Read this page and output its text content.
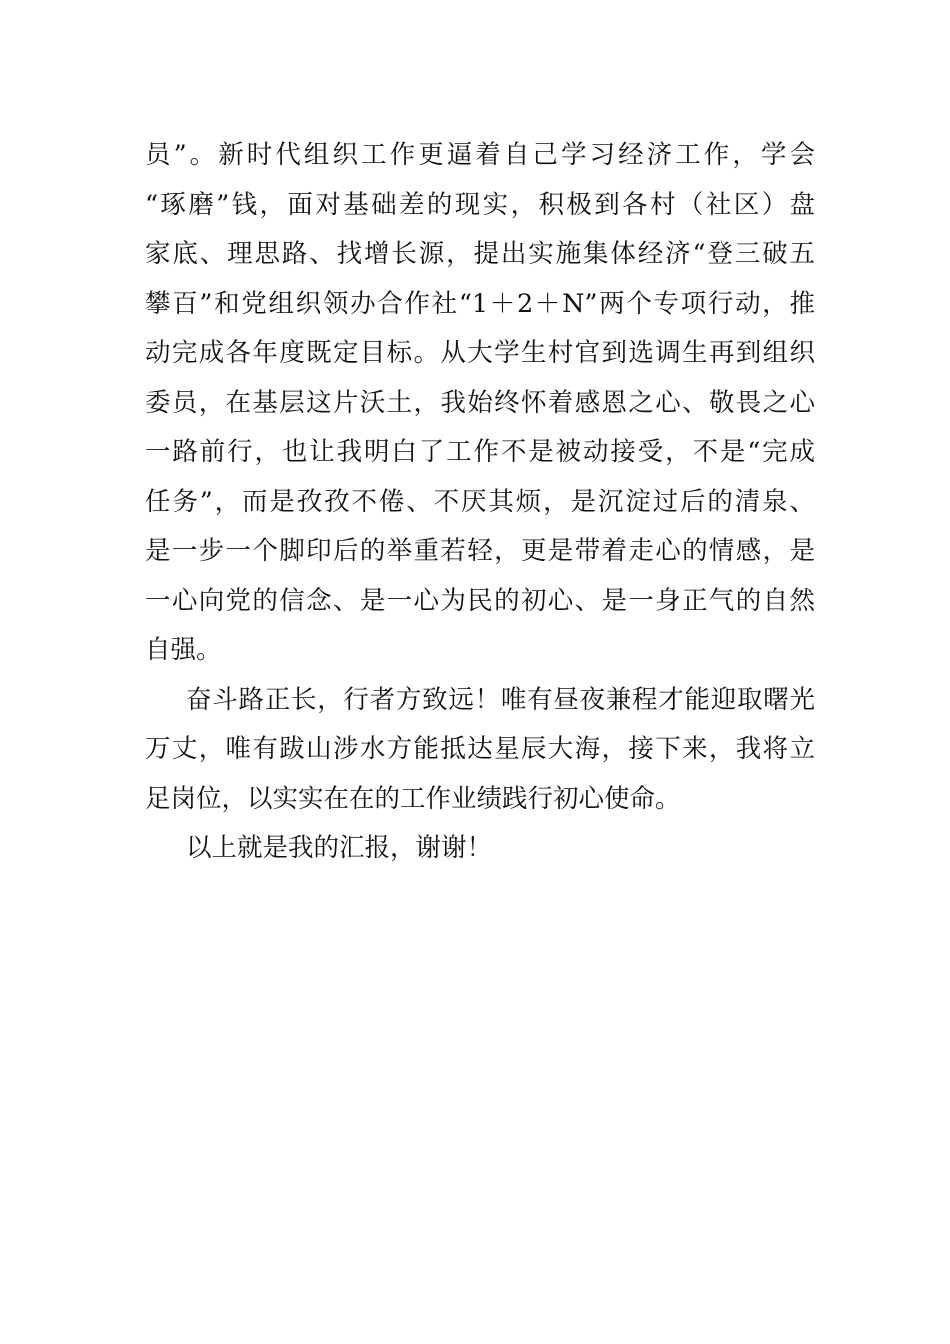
员”。新时代组织工作更逼着自己学习经济工作，学会
“琢磨”钱，面对基础差的现实，积极到各村（社区）盘
家底、理思路、找增长源，提出实施集体经济“登三破五
攀百”和党组织领办合作社“1＋2＋N”两个专项行动，推
动完成各年度既定目标。从大学生村官到选调生再到组织
委员，在基层这片沃土，我始终怀着感恩之心、敬畏之心
一路前行，也让我明白了工作不是被动接受，不是“完成
任务”，而是孜孜不倦、不厌其烦，是沉淀过后的清泉、
是一步一个脚印后的举重若轻，更是带着走心的情感，是
一心向党的信念、是一心为民的初心、是一身正气的自然
自强。
奋斗路正长，行者方致远！唯有昼夜兼程才能迎取曙光
万丈，唯有跋山涉水方能抵达星辰大海，接下来，我将立
足岗位，以实实在在的工作业绩践行初心使命。
以上就是我的汇报，谢谢！
